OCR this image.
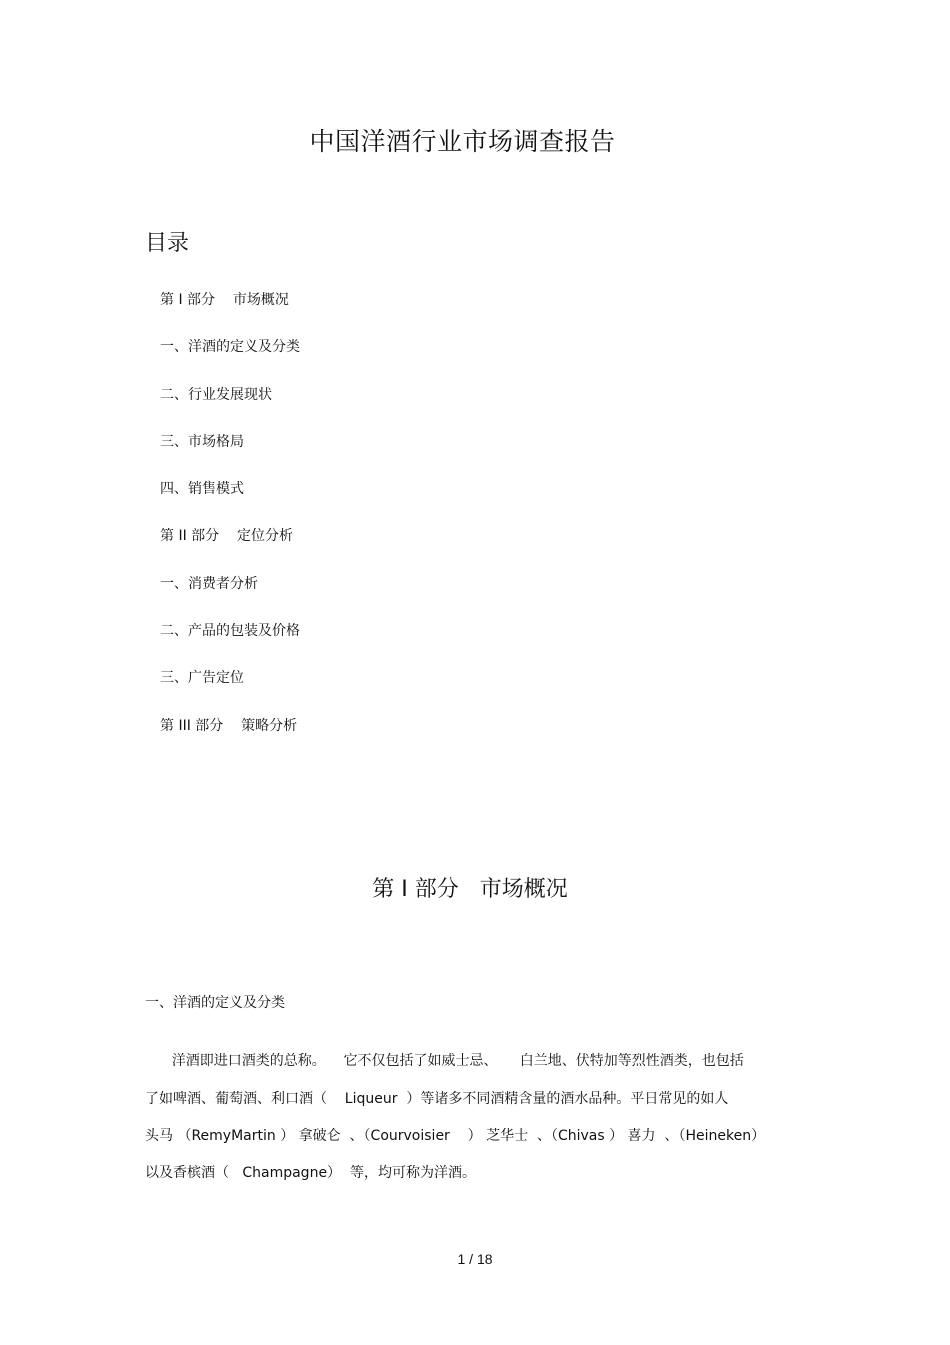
中国洋酒行业市场调查报告
目录
第 I 部分    市场概况
一、洋酒的定义及分类
二、行业发展现状
三、市场格局
四、销售模式
第 II 部分    定位分析
一、消费者分析
二、产品的包装及价格
三、广告定位
第 III 部分    策略分析
第 I 部分   市场概况
一、洋酒的定义及分类
洋酒即进口酒类的总称。    它不仅包括了如威士忌、     白兰地、伏特加等烈性酒类，也包括
了如啤酒、葡萄酒、利口酒（    Liqueur  ）等诸多不同酒精含量的酒水品种。平日常见的如人
头马 （RemyMartin ） 拿破仑  、（Courvoisier    ） 芝华士  、（Chivas ） 喜力  、（Heineken）
以及香槟酒（   Champagne）  等，均可称为洋酒。
1 / 18
